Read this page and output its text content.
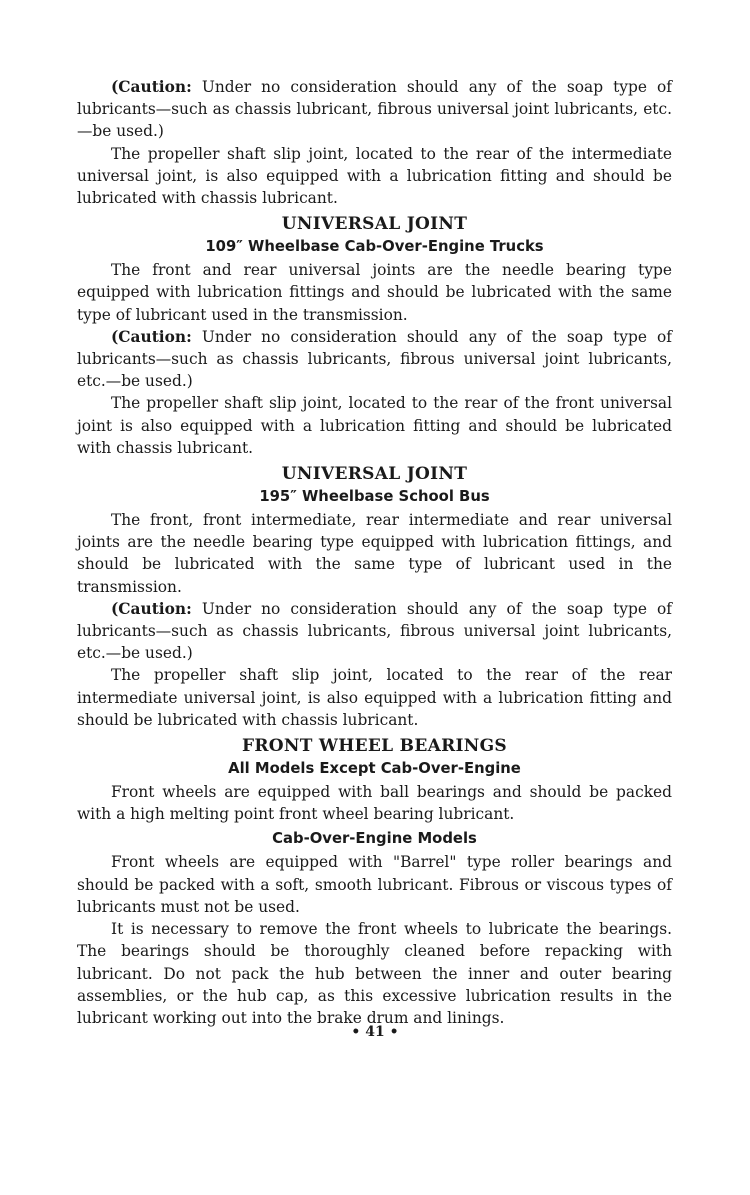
(Caution: Under no consideration should any of the soap type of lubricants—such as chassis lubricant, fibrous universal joint lubricants, etc.—be used.)

The propeller shaft slip joint, located to the rear of the intermediate universal joint, is also equipped with a lubrication fitting and should be lubricated with chassis lubricant.

UNIVERSAL JOINT
109″ Wheelbase Cab-Over-Engine Trucks

The front and rear universal joints are the needle bearing type equipped with lubrication fittings and should be lubricated with the same type of lubricant used in the transmission.

(Caution: Under no consideration should any of the soap type of lubricants—such as chassis lubricants, fibrous universal joint lubricants, etc.—be used.)

The propeller shaft slip joint, located to the rear of the front universal joint is also equipped with a lubrication fitting and should be lubricated with chassis lubricant.

UNIVERSAL JOINT
195″ Wheelbase School Bus

The front, front intermediate, rear intermediate and rear universal joints are the needle bearing type equipped with lubrication fittings, and should be lubricated with the same type of lubricant used in the transmission.

(Caution: Under no consideration should any of the soap type of lubricants—such as chassis lubricants, fibrous universal joint lubricants, etc.—be used.)

The propeller shaft slip joint, located to the rear of the rear intermediate universal joint, is also equipped with a lubrication fitting and should be lubricated with chassis lubricant.

FRONT WHEEL BEARINGS
All Models Except Cab-Over-Engine

Front wheels are equipped with ball bearings and should be packed with a high melting point front wheel bearing lubricant.

Cab-Over-Engine Models

Front wheels are equipped with "Barrel" type roller bearings and should be packed with a soft, smooth lubricant. Fibrous or viscous types of lubricants must not be used.

It is necessary to remove the front wheels to lubricate the bearings. The bearings should be thoroughly cleaned before repacking with lubricant. Do not pack the hub between the inner and outer bearing assemblies, or the hub cap, as this excessive lubrication results in the lubricant working out into the brake drum and linings.

• 41 •
